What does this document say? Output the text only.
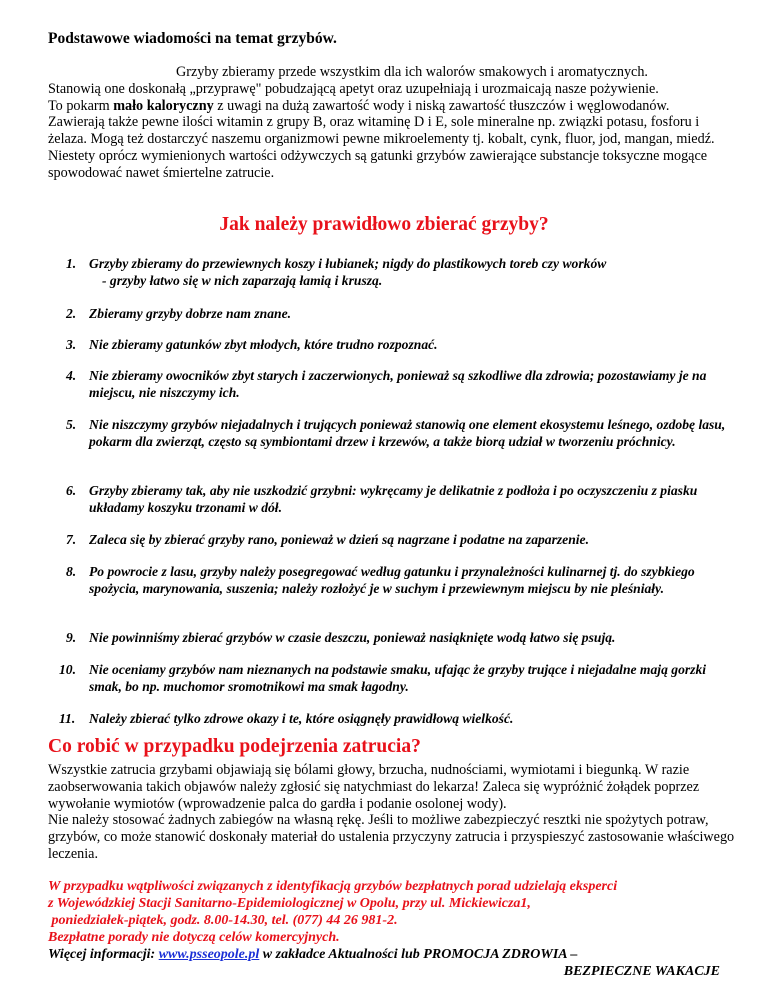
Podstawowe wiadomości na temat grzybów.

Grzyby zbieramy przede wszystkim dla ich walorów smakowych i aromatycznych.
Stanowią one doskonałą „przyprawę" pobudzającą apetyt oraz uzupełniają i urozmaicają nasze pożywienie.
To pokarm mało kaloryczny z uwagi na dużą zawartość wody i niską zawartość tłuszczów i węglowodanów.
Zawierają także pewne ilości witamin z grupy B, oraz witaminę D i E, sole mineralne np. związki potasu, fosforu i żelaza. Mogą też dostarczyć naszemu organizmowi pewne mikroelementy tj. kobalt, cynk, fluor, jod, mangan, miedź.
Niestety oprócz wymienionych wartości odżywczych są gatunki grzybów zawierające substancje toksyczne mogące spowodować nawet śmiertelne zatrucie.

Jak należy prawidłowo zbierać grzyby?
1. Grzyby zbieramy do przewiewnych koszy i łubianek; nigdy do plastikowych toreb czy worków
- grzyby łatwo się w nich zaparzają łamią i kruszą.
2. Zbieramy grzyby dobrze nam znane.
3. Nie zbieramy gatunków zbyt młodych, które trudno rozpoznać.
4. Nie zbieramy owocników zbyt starych i zaczerwionych, ponieważ są szkodliwe dla zdrowia; pozostawiamy je na miejscu, nie niszczymy ich.
5. Nie niszczymy grzybów niejadalnych i trujących ponieważ stanowią one element ekosystemu leśnego, ozdobę lasu, pokarm dla zwierząt, często są symbiontami drzew i krzewów, a także biorą udział w tworzeniu próchnicy.
6. Grzyby zbieramy tak, aby nie uszkodzić grzybni: wykręcamy je delikatnie z podłoża i po oczyszczeniu z piasku układamy koszyku trzonami w dół.
7. Zaleca się by zbierać grzyby rano, ponieważ w dzień są nagrzane i podatne na zaparzenie.
8. Po powrocie z lasu, grzyby należy posegregować według gatunku i przynależności kulinarnej tj. do szybkiego spożycia, marynowania, suszenia; należy rozłożyć je w suchym i przewiewnym miejscu by nie pleśniały.
9. Nie powinniśmy zbierać grzybów w czasie deszczu, ponieważ nasiąknięte wodą łatwo się psują.
10. Nie oceniamy grzybów nam nieznanych na podstawie smaku, ufając że grzyby trujące i niejadalne mają gorzki smak, bo np. muchomor sromotnikowi ma smak łagodny.
11. Należy zbierać tylko zdrowe okazy i te, które osiągnęły prawidłową wielkość.
Co robić w przypadku podejrzenia zatrucia?

Wszystkie zatrucia grzybami objawiają się bólami głowy, brzucha, nudnościami, wymiotami i biegunką. W razie zaobserwowania takich objawów należy zgłosić się natychmiast do lekarza! Zaleca się wypróżnić żołądek poprzez wywołanie wymiotów (wprowadzenie palca do gardła i podanie osolonej wody).
Nie należy stosować żadnych zabiegów na własną rękę. Jeśli to możliwe zabezpieczyć resztki nie spożytych potraw, grzybów, co może stanowić doskonały materiał do ustalenia przyczyny zatrucia i przyspieszyć zastosowanie właściwego leczenia.

W przypadku wątpliwości związanych z identyfikacją grzybów bezpłatnych porad udzielają eksperci
z Wojewódzkiej Stacji Sanitarno-Epidemiologicznej w Opolu, przy ul. Mickiewicza1,
poniedziałek-piątek, godz. 8.00-14.30, tel. (077) 44 26 981-2.
Bezpłatne porady nie dotyczą celów komercyjnych.

Więcej informacji: www.psseopole.pl w zakładce Aktualności lub PROMOCJA ZDROWIA –
BEZPIECZNE WAKACJE
